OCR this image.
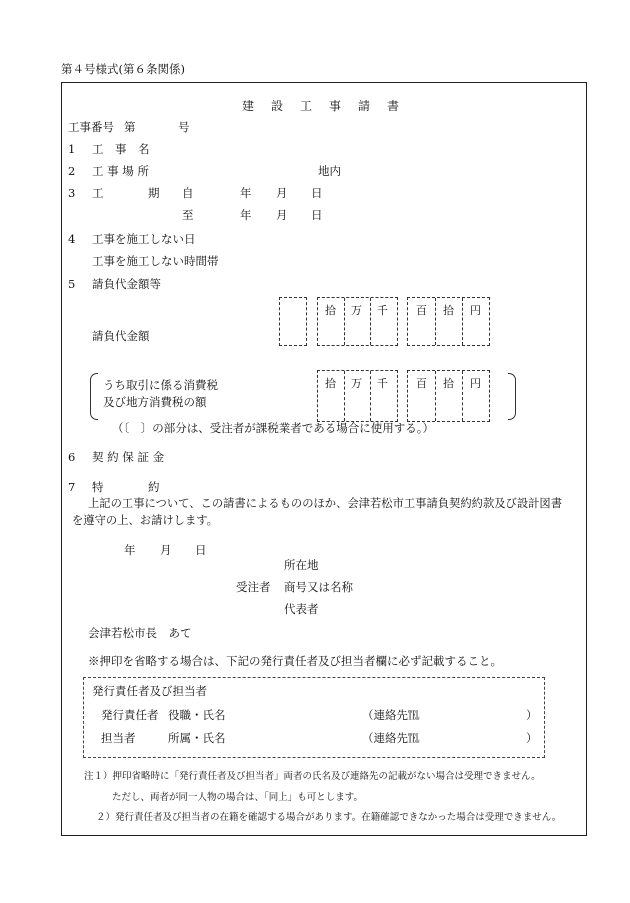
第４号様式(第６条関係)
建 設 工 事 請 書
工事番号 第	号
1 工　事　名
2 工 事 場 所	地内
3 工	期 自	年 月 日
至	年 月 日
4 工事を施工しない日
工事を施工しない時間帯
5 請負代金額等
拾 万 千	百 拾 円
請負代金額
うち取引に係る消費税
及び地方消費税の額
拾 万 千	百 拾 円
（〔　〕の部分は、受注者が課税業者である場合に使用する。）
6 契 約 保 証 金
7 特	約
上記の工事について、この請書によるもののほか、会津若松市工事請負契約約款及び設計図書
を遵守の上、お請けします。
年 月 日
所在地
受注者 商号又は名称
代表者
会津若松市長　あて
※押印を省略する場合は、下記の発行責任者及び担当者欄に必ず記載すること。
発行責任者及び担当者
発行責任者 役職・氏名	（連絡先℡	）
担当者	所属・氏名	（連絡先℡	）
注１）押印省略時に「発行責任者及び担当者」両者の氏名及び連絡先の記載がない場合は受理できません。
ただし、両者が同一人物の場合は、「同上」も可とします。
２）発行責任者及び担当者の在籍を確認する場合があります。在籍確認できなかった場合は受理できません。
